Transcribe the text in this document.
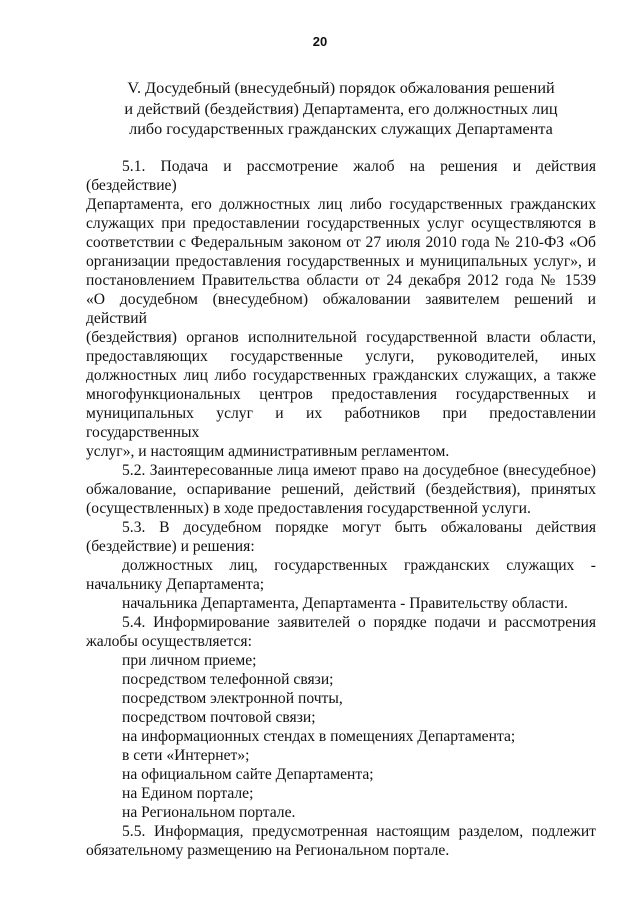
20
V. Досудебный (внесудебный) порядок обжалования решений
и действий (бездействия) Департамента, его должностных лиц
либо государственных гражданских служащих Департамента
5.1. Подача и рассмотрение жалоб на решения и действия (бездействие)
Департамента, его должностных лиц либо государственных гражданских
служащих при предоставлении государственных услуг осуществляются в
соответствии с Федеральным законом от 27 июля 2010 года № 210-ФЗ «Об
организации предоставления государственных и муниципальных услуг», и
постановлением Правительства области от 24 декабря 2012 года № 1539
«О досудебном (внесудебном) обжаловании заявителем решений и действий
(бездействия) органов исполнительной государственной власти области,
предоставляющих государственные услуги, руководителей, иных
должностных лиц либо государственных гражданских служащих, а также
многофункциональных центров предоставления государственных и
муниципальных услуг и их работников при предоставлении государственных
услуг», и настоящим административным регламентом.
5.2. Заинтересованные лица имеют право на досудебное (внесудебное)
обжалование, оспаривание решений, действий (бездействия), принятых
(осуществленных) в ходе предоставления государственной услуги.
5.3. В досудебном порядке могут быть обжалованы действия
(бездействие) и решения:
должностных лиц, государственных гражданских служащих -
начальнику Департамента;
начальника Департамента, Департамента - Правительству области.
5.4. Информирование заявителей о порядке подачи и рассмотрения
жалобы осуществляется:
при личном приеме;
посредством телефонной связи;
посредством электронной почты,
посредством почтовой связи;
на информационных стендах в помещениях Департамента;
в сети «Интернет»;
на официальном сайте Департамента;
на Едином портале;
на Региональном портале.
5.5. Информация, предусмотренная настоящим разделом, подлежит
обязательному размещению на Региональном портале.
